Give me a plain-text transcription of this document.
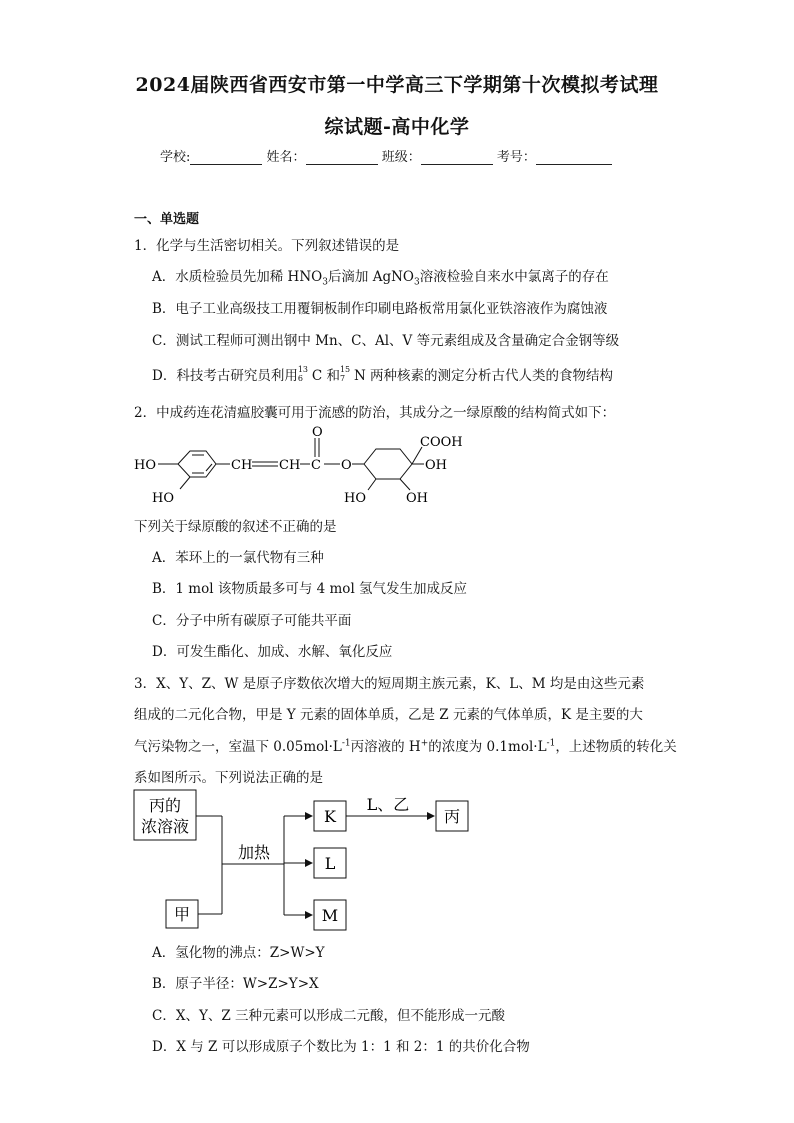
2024届陕西省西安市第一中学高三下学期第十次模拟考试理
综试题-高中化学
学校:	姓名：	班级：	考号：
一、单选题
1．化学与生活密切相关。下列叙述错误的是
A．水质检验员先加稀 $HNO_3$后滴加 AgNO$_3$溶液检验自来水中氯离子的存在
B．电子工业高级技工用覆铜板制作印刷电路板常用氯化亚铁溶液作为腐蚀液
C．测试工程师可测出钢中 Mn、C、Al、V 等元素组成及含量确定合金钢等级
D．科技考古研究员利用 13
6 C 和 15
7 N 两种核素的测定分析古代人类的食物结构
2．中成药连花清瘟胶囊可用于流感的防治，其成分之一绿原酸的结构简式如下：
HO
HO
CH CH C
O
O
COOH
OH
HO	OH
下列关于绿原酸的叙述不正确的是
A．苯环上的一氯代物有三种
B．1 mol 该物质最多可与 4 mol 氢气发生加成反应
C．分子中所有碳原子可能共平面
D．可发生酯化、加成、水解、氧化反应
3．X、Y、Z、W 是原子序数依次增大的短周期主族元素，K、L、M 均是由这些元素
组成的二元化合物，甲是 Y 元素的固体单质，乙是 Z 元素的气体单质，K 是主要的大
气污染物之一，室温下 $0.05mol\cdot L^{-1}$丙溶液的 H+的浓度为 $0.1mol\cdot L^{-1}$，上述物质的转化关
系如图所示。下列说法正确的是
丙的
浓溶液
甲
加热
K
L
M
L、乙
丙
A．氢化物的沸点：Z>W>Y
B．原子半径：W>Z>Y>X
C．X、Y、Z 三种元素可以形成二元酸，但不能形成一元酸
D．X 与 Z 可以形成原子个数比为 1：1 和 2：1 的共价化合物
